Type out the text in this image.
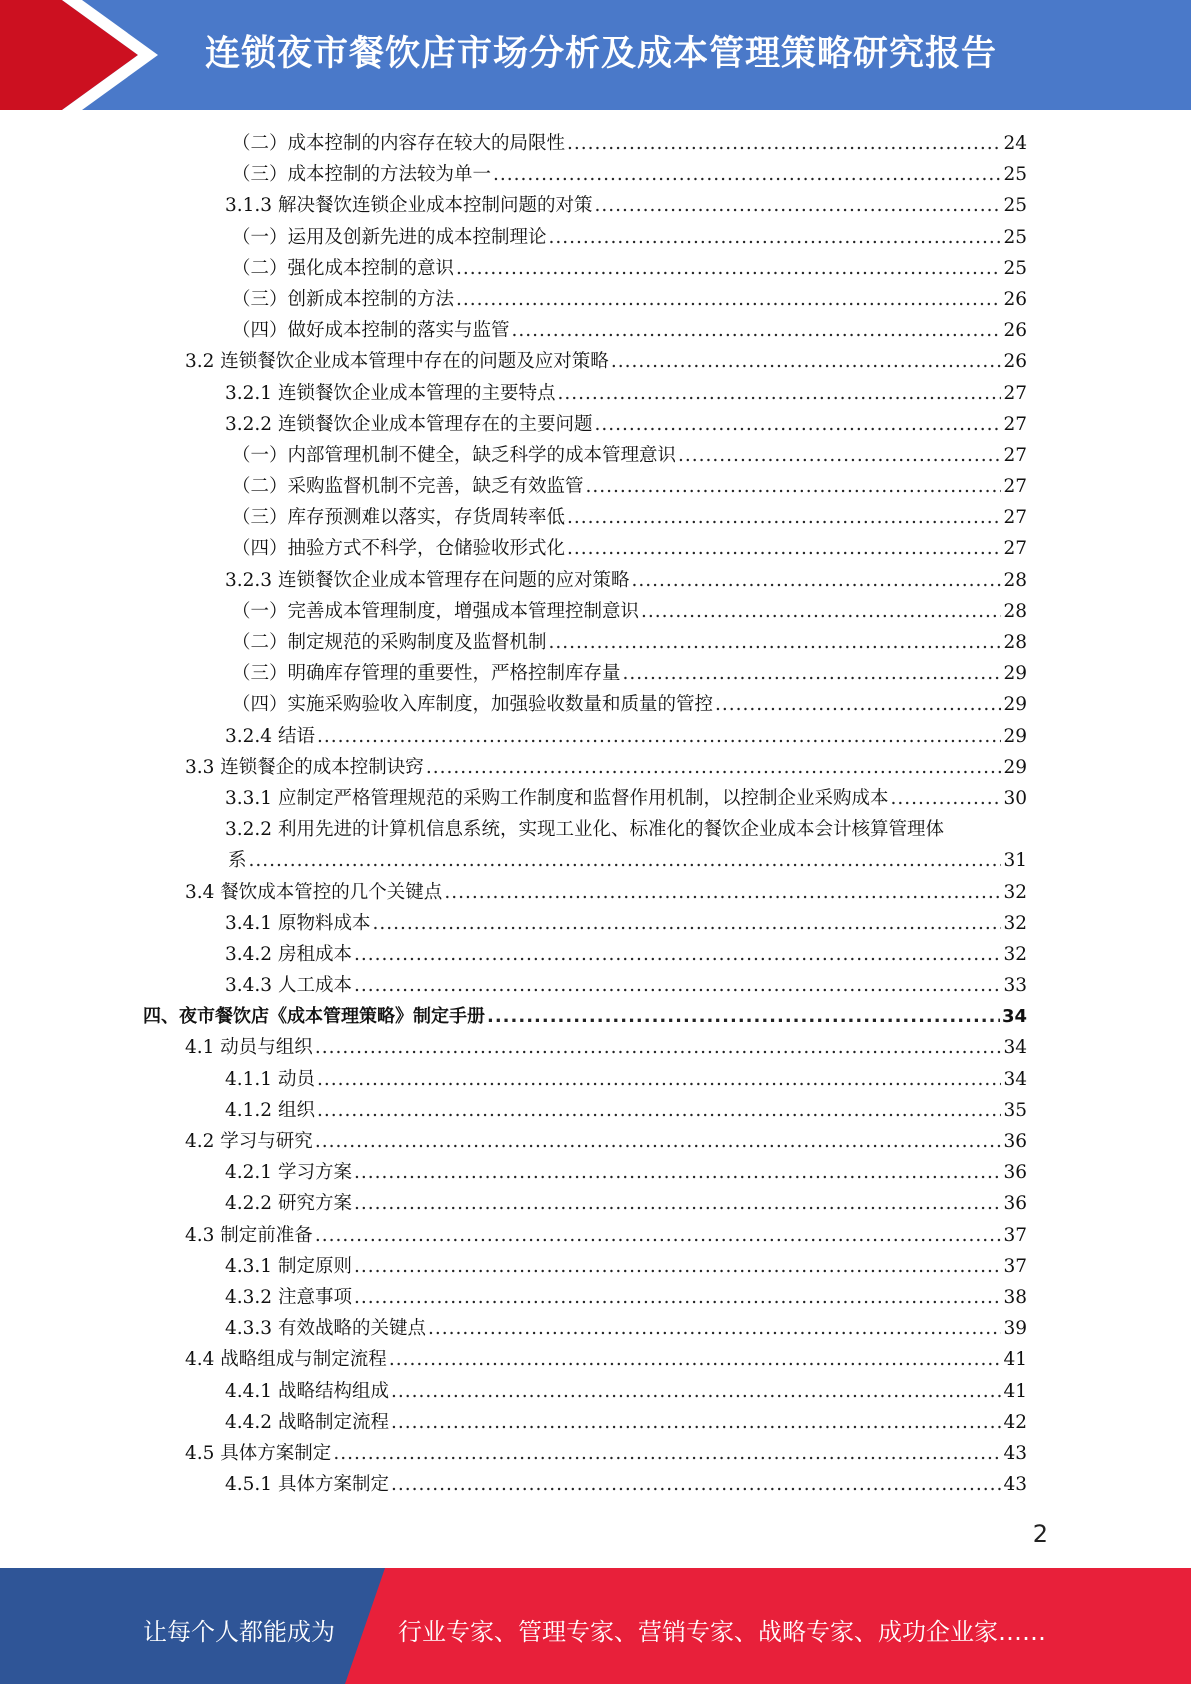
连锁夜市餐饮店市场分析及成本管理策略研究报告
（二）成本控制的内容存在较大的局限性 .....	24
（三）成本控制的方法较为单一 .....	25
3.1.3 解决餐饮连锁企业成本控制问题的对策 .....	25
（一）运用及创新先进的成本控制理论 .....	25
（二）强化成本控制的意识 .....	25
（三）创新成本控制的方法 .....	26
（四）做好成本控制的落实与监管 .....	26
3.2 连锁餐饮企业成本管理中存在的问题及应对策略 .....	26
3.2.1 连锁餐饮企业成本管理的主要特点 .....	27
3.2.2 连锁餐饮企业成本管理存在的主要问题 .....	27
（一）内部管理机制不健全，缺乏科学的成本管理意识 .....	27
（二）采购监督机制不完善，缺乏有效监管 .....	27
（三）库存预测难以落实，存货周转率低 .....	27
（四）抽验方式不科学，仓储验收形式化 .....	27
3.2.3 连锁餐饮企业成本管理存在问题的应对策略 .....	28
（一）完善成本管理制度，增强成本管理控制意识 .....	28
（二）制定规范的采购制度及监督机制 .....	28
（三）明确库存管理的重要性，严格控制库存量 .....	29
（四）实施采购验收入库制度，加强验收数量和质量的管控 .....	29
3.2.4 结语 .....	29
3.3 连锁餐企的成本控制诀窍 .....	29
3.3.1 应制定严格管理规范的采购工作制度和监督作用机制，以控制企业采购成本 .....	30
3.2.2 利用先进的计算机信息系统，实现工业化、标准化的餐饮企业成本会计核算管理体
系 .....	31
3.4 餐饮成本管控的几个关键点 .....	32
3.4.1 原物料成本 .....	32
3.4.2 房租成本 .....	32
3.4.3 人工成本 .....	33
四、夜市餐饮店《成本管理策略》制定手册 .....	34
4.1 动员与组织 .....	34
4.1.1 动员 .....	34
4.1.2 组织 .....	35
4.2 学习与研究 .....	36
4.2.1 学习方案 .....	36
4.2.2 研究方案 .....	36
4.3 制定前准备 .....	37
4.3.1 制定原则 .....	37
4.3.2 注意事项 .....	38
4.3.3 有效战略的关键点 .....	39
4.4 战略组成与制定流程 .....	41
4.4.1 战略结构组成 .....	41
4.4.2 战略制定流程 .....	42
4.5 具体方案制定 .....	43
4.5.1 具体方案制定 .....	43
2
让每个人都能成为	行业专家、管理专家、营销专家、战略专家、成功企业家……
